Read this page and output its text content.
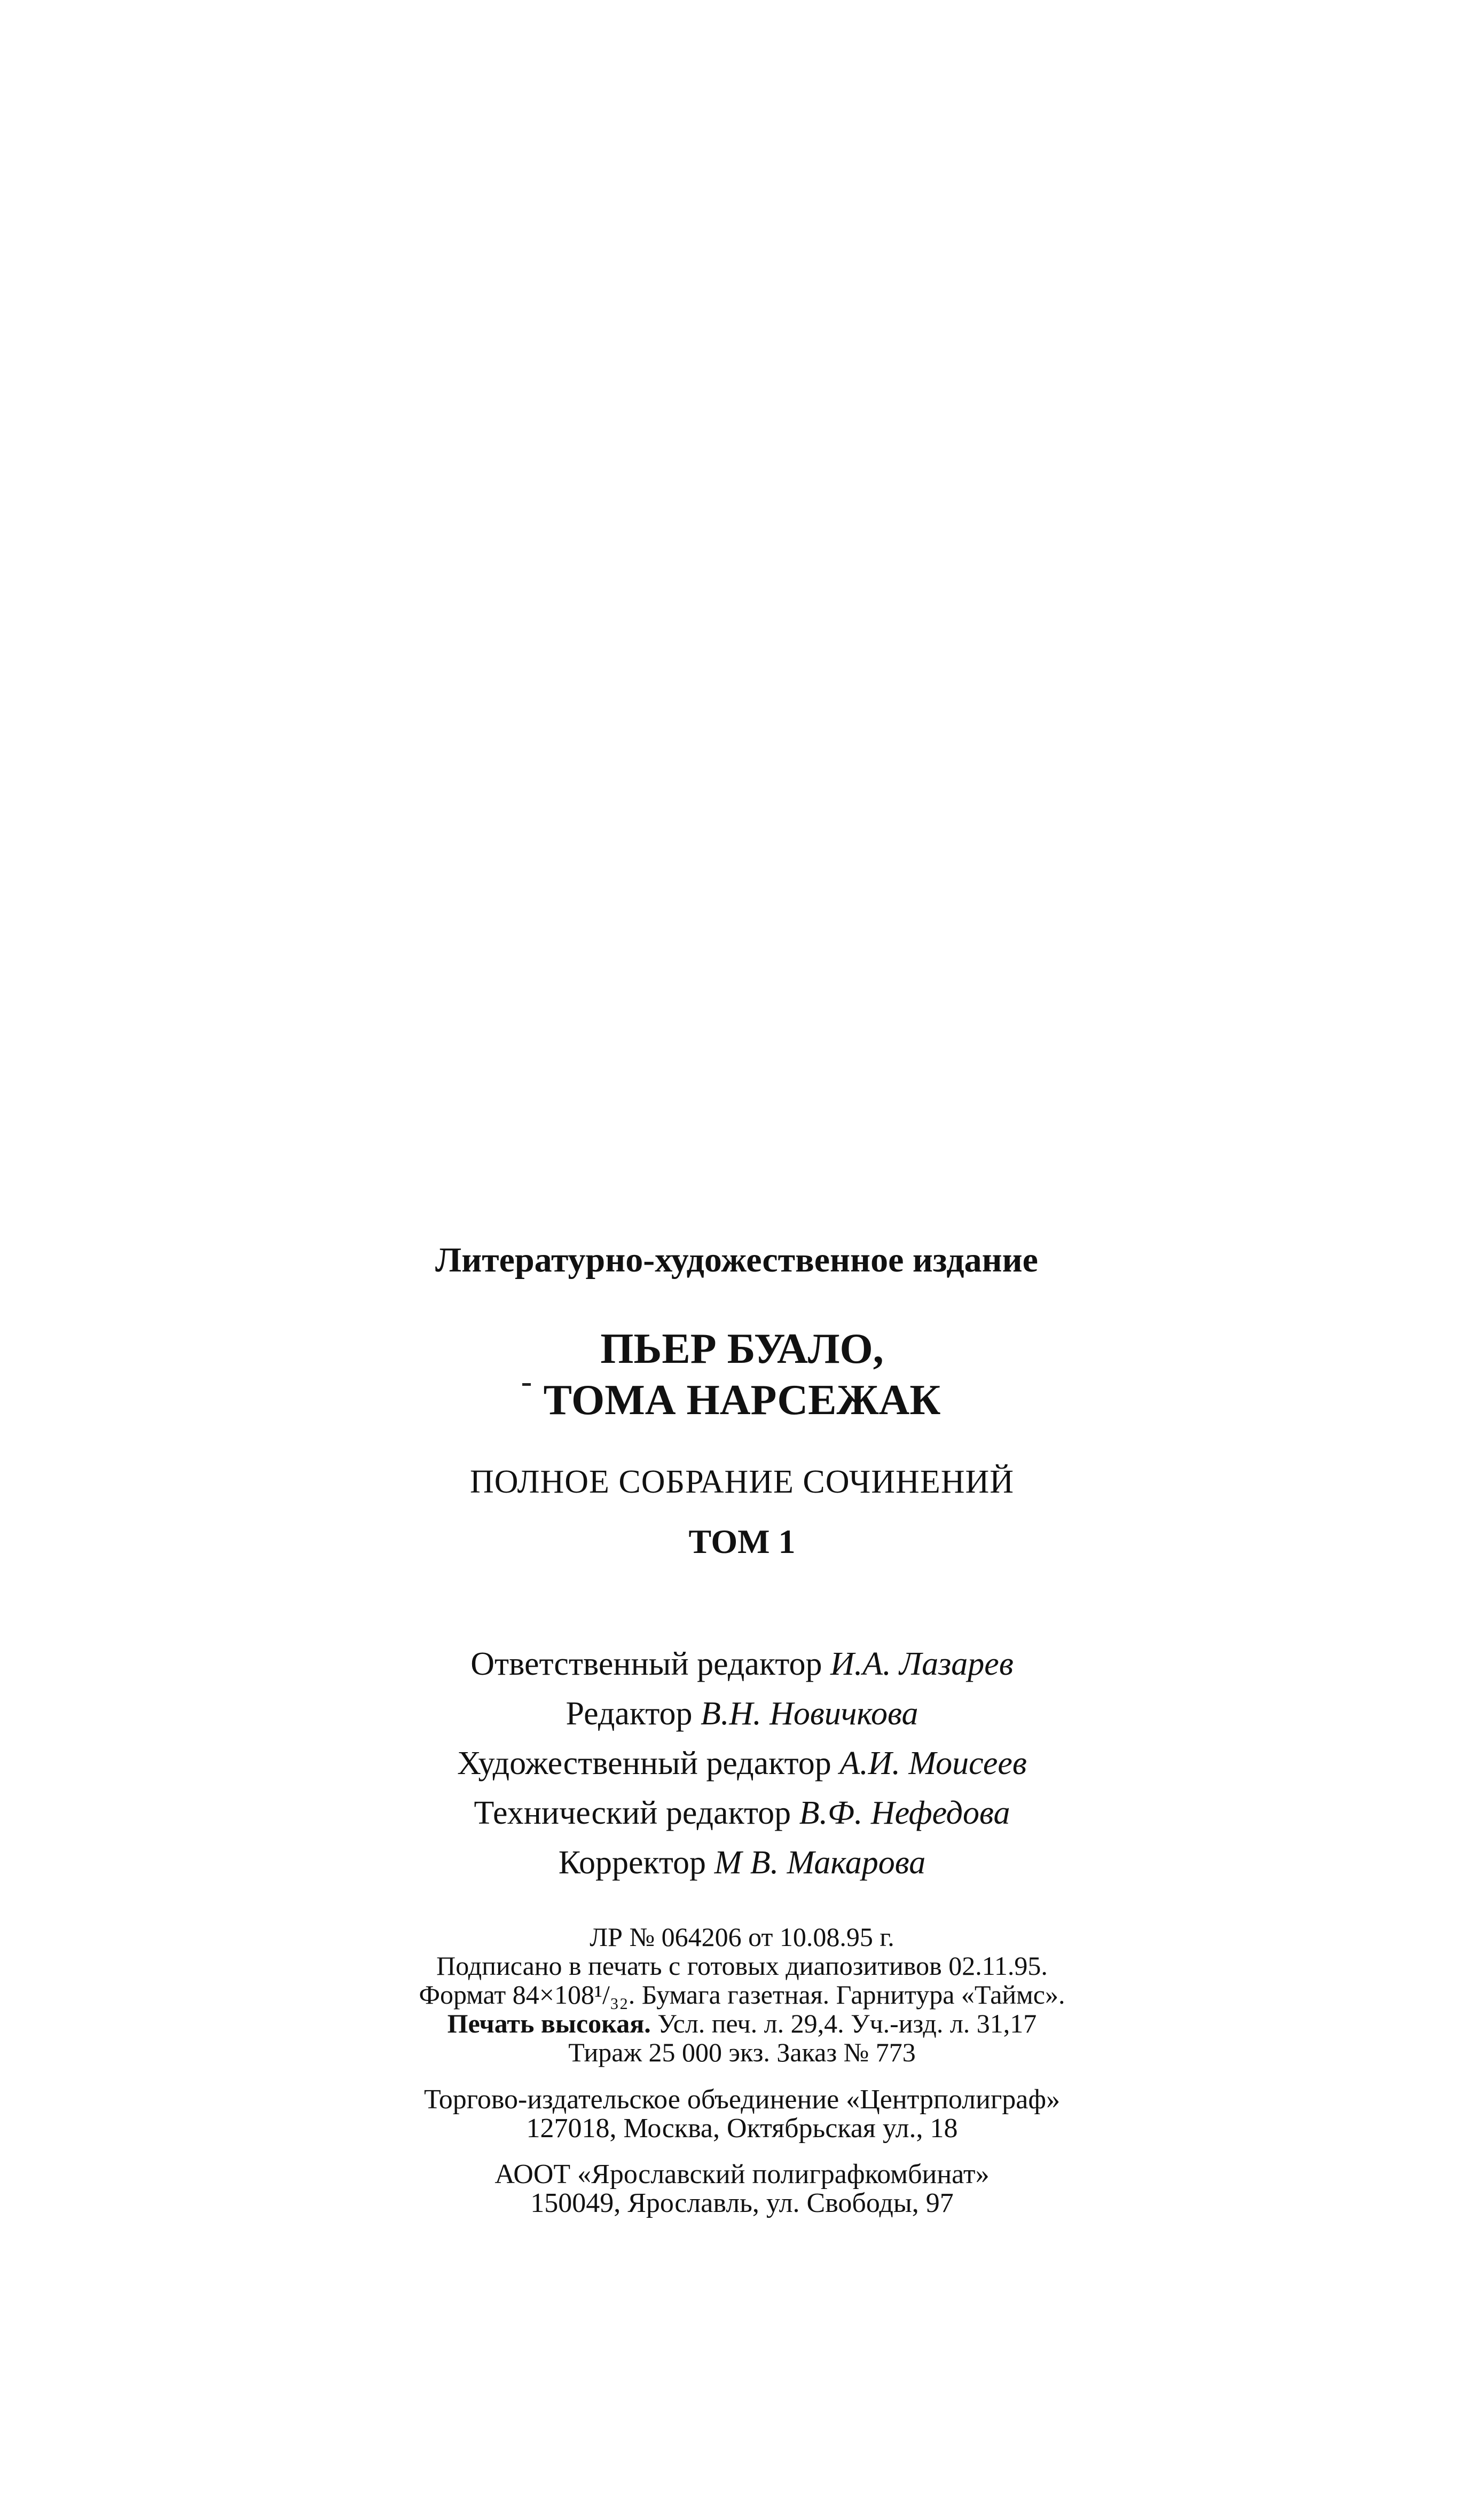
Литературно-художественное издание
ПЬЕР БУАЛО,
ТОМА НАРСЕЖАК
ПОЛНОЕ СОБРАНИЕ СОЧИНЕНИЙ
ТОМ 1
Ответственный редактор И.А. Лазарев
Редактор В.Н. Новичкова
Художественный редактор А.И. Моисеев
Технический редактор В.Ф. Нефедова
Корректор М В. Макарова
ЛР № 064206 от 10.08.95 г.
Подписано в печать с готовых диапозитивов 02.11.95.
Формат 84×108¹/₃₂. Бумага газетная. Гарнитура «Таймс».
Печать высокая. Усл. печ. л. 29,4. Уч.-изд. л. 31,17
Тираж 25 000 экз. Заказ № 773
Торгово-издательское объединение «Центрполиграф»
127018, Москва, Октябрьская ул., 18
АООТ «Ярославский полиграфкомбинат»
150049, Ярославль, ул. Свободы, 97
